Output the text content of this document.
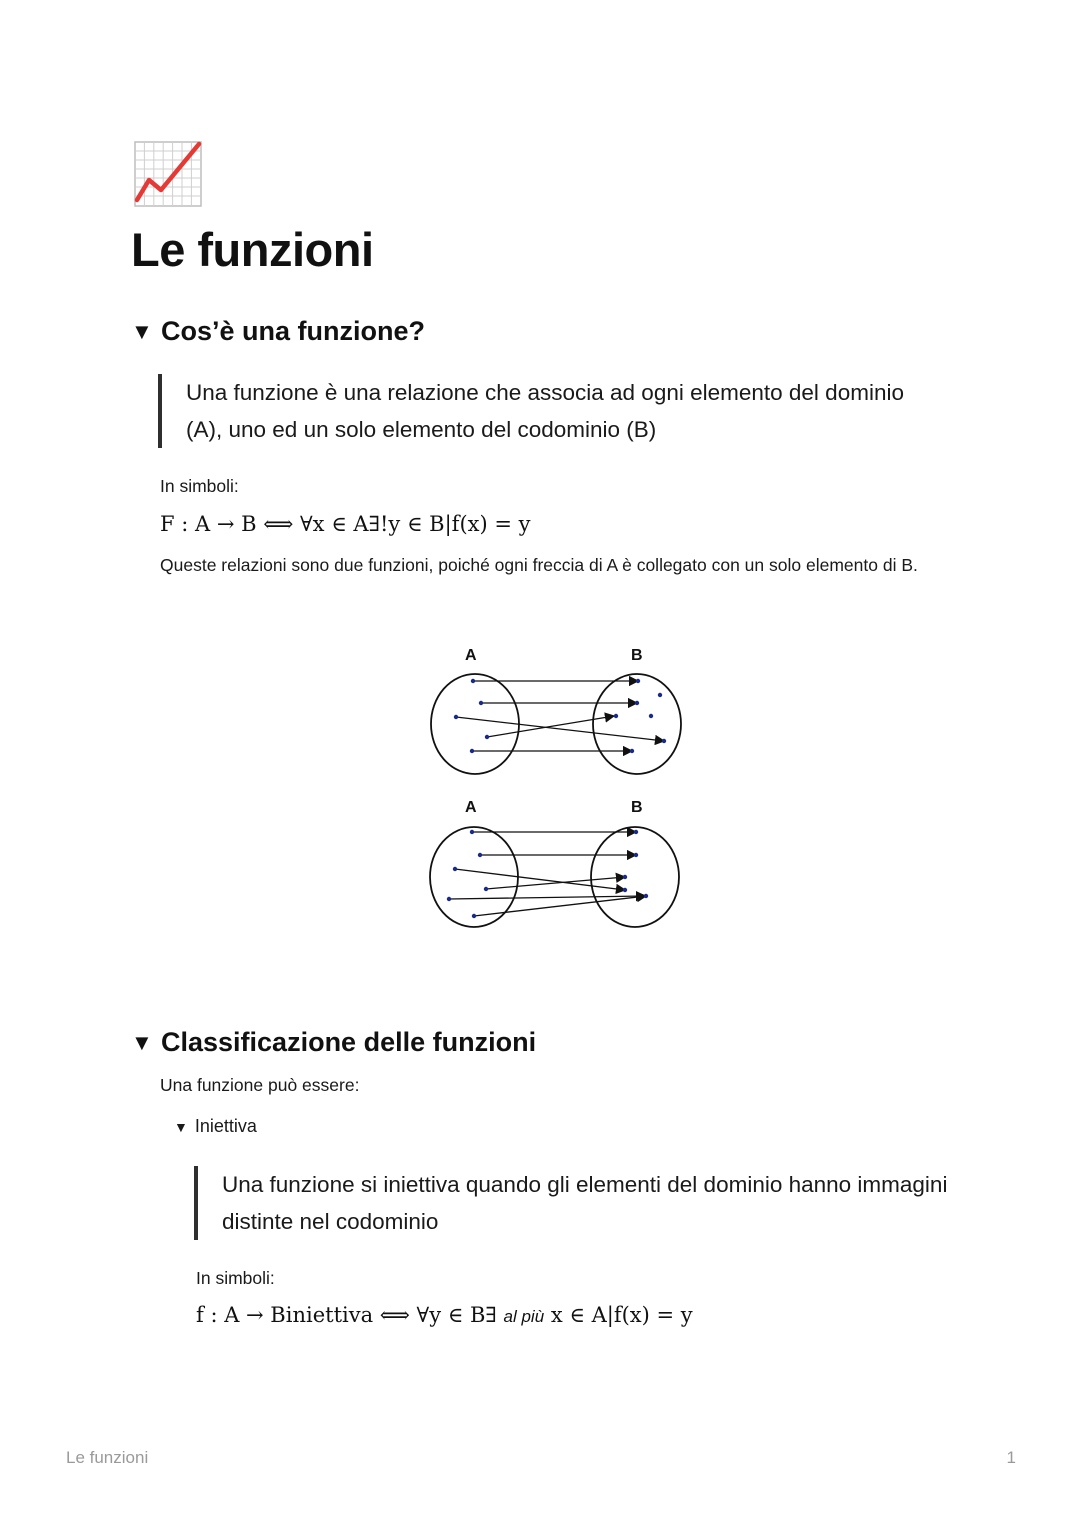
Le funzioni
▼ Cos’è una funzione?
Una funzione è una relazione che associa ad ogni elemento del dominio (A), uno ed un solo elemento del codominio (B)

In simboli:

F : A → B ⟺ ∀x ∈ A∃!y ∈ B|f(x) = y

Queste relazioni sono due funzioni, poiché ogni freccia di A è collegato con un solo elemento di B.

A	B
A	B
▼ Classificazione delle funzioni

Una funzione può essere:

▼ Iniettiva
Una funzione si iniettiva quando gli elementi del dominio hanno immagini distinte nel codominio

In simboli:

f : A → Biniettiva ⟺ ∀y ∈ B∃ al più x ∈ A|f(x) = y
Le funzioni	1
